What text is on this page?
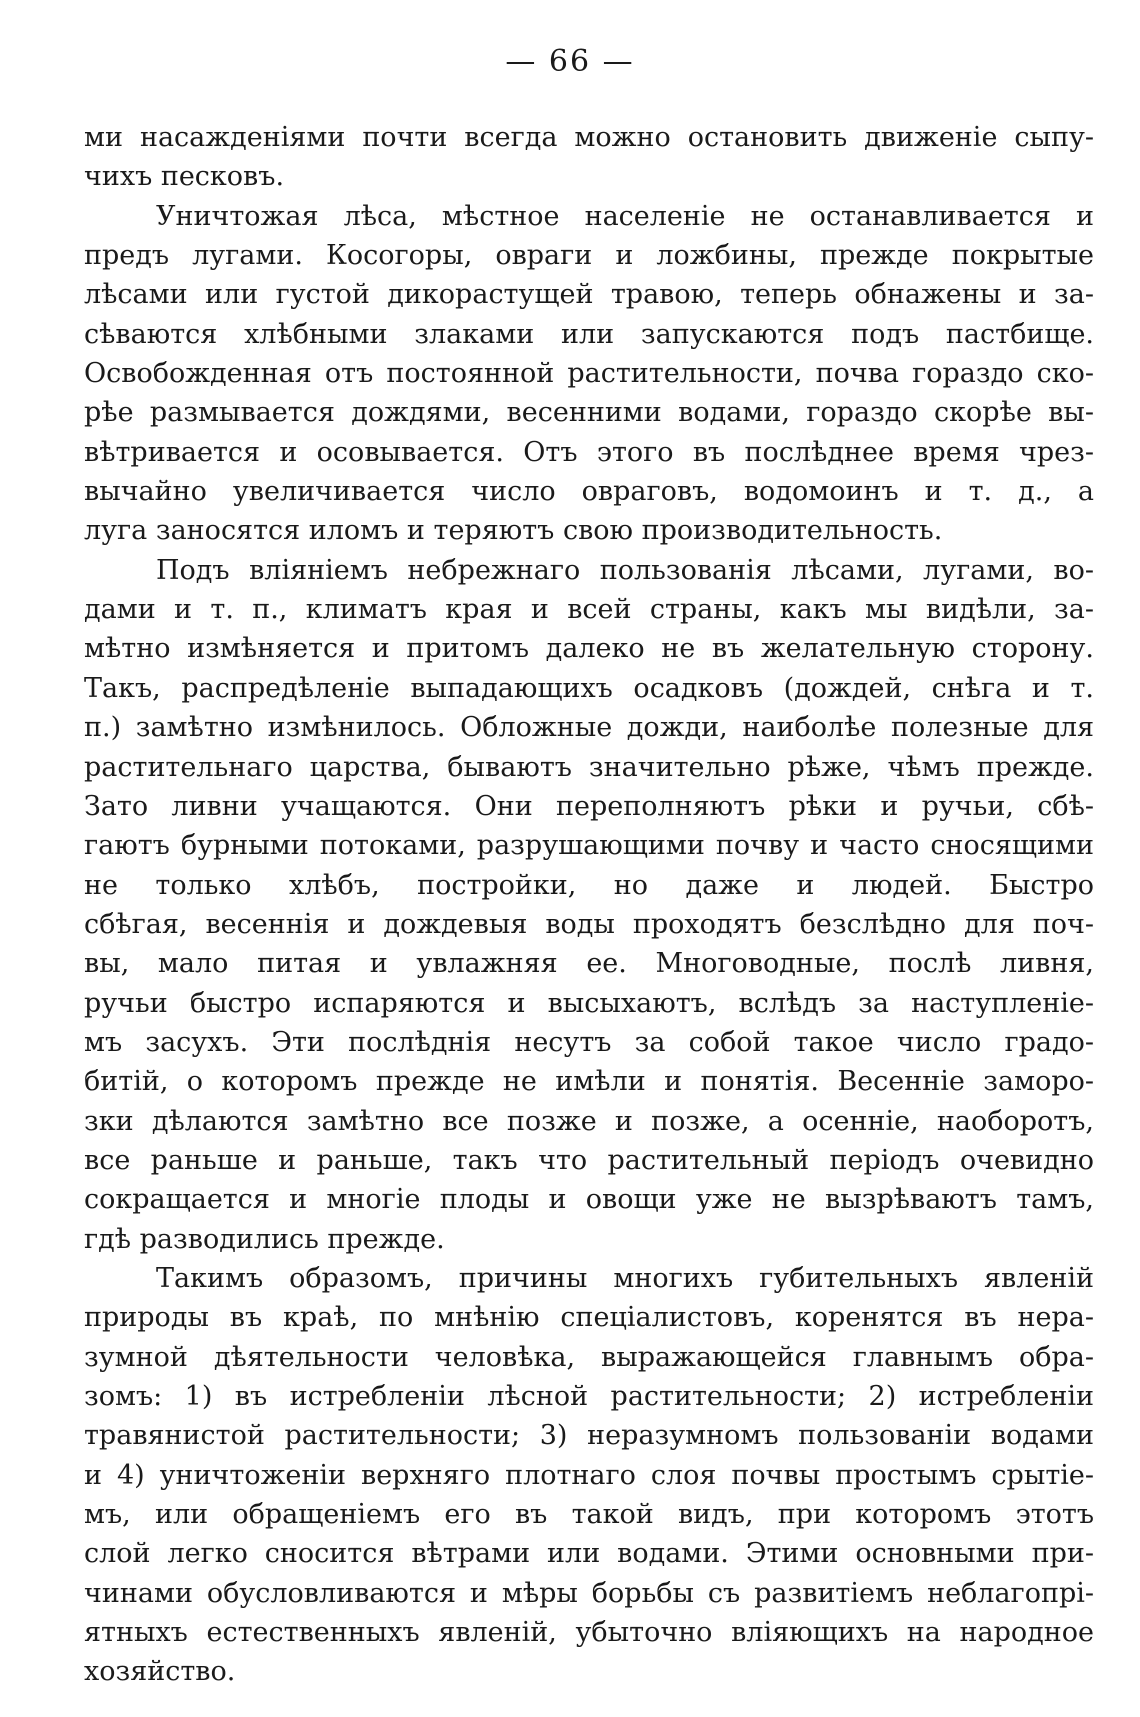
— 66 —
ми насажденіями почти всегда можно остановить движеніе сыпу-
чихъ песковъ.
Уничтожая лѣса, мѣстное населеніе не останавливается и
предъ лугами. Косогоры, овраги и ложбины, прежде покрытые
лѣсами или густой дикорастущей травою, теперь обнажены и за-
сѣваются хлѣбными злаками или запускаются подъ пастбище.
Освобожденная отъ постоянной растительности, почва гораздо ско-
рѣе размывается дождями, весенними водами, гораздо скорѣе вы-
вѣтривается и осовывается. Отъ этого въ послѣднее время чрез-
вычайно увеличивается число овраговъ, водомоинъ и т. д., а
луга заносятся иломъ и теряютъ свою производительность.
Подъ вліяніемъ небрежнаго пользованія лѣсами, лугами, во-
дами и т. п., климатъ края и всей страны, какъ мы видѣли, за-
мѣтно измѣняется и притомъ далеко не въ желательную сторону.
Такъ, распредѣленіе выпадающихъ осадковъ (дождей, снѣга и т.
п.) замѣтно измѣнилось. Обложные дожди, наиболѣе полезные для
растительнаго царства, бываютъ значительно рѣже, чѣмъ прежде.
Зато ливни учащаются. Они переполняютъ рѣки и ручьи, сбѣ-
гаютъ бурными потоками, разрушающими почву и часто сносящими
не только хлѣбъ, постройки, но даже и людей. Быстро
сбѣгая, весеннія и дождевыя воды проходятъ безслѣдно для поч-
вы, мало питая и увлажняя ее. Многоводные, послѣ ливня,
ручьи быстро испаряются и высыхаютъ, вслѣдъ за наступленіе-
мъ засухъ. Эти послѣднія несутъ за собой такое число градо-
битій, о которомъ прежде не имѣли и понятія. Весенніе заморо-
зки дѣлаются замѣтно все позже и позже, а осенніе, наоборотъ,
все раньше и раньше, такъ что растительный періодъ очевидно
сокращается и многіе плоды и овощи уже не вызрѣваютъ тамъ,
гдѣ разводились прежде.
Такимъ образомъ, причины многихъ губительныхъ явленій
природы въ краѣ, по мнѣнію спеціалистовъ, коренятся въ нера-
зумной дѣятельности человѣка, выражающейся главнымъ обра-
зомъ: 1) въ истребленіи лѣсной растительности; 2) истребленіи
травянистой растительности; 3) неразумномъ пользованіи водами
и 4) уничтоженіи верхняго плотнаго слоя почвы простымъ срытіе-
мъ, или обращеніемъ его въ такой видъ, при которомъ этотъ
слой легко сносится вѣтрами или водами. Этими основными при-
чинами обусловливаются и мѣры борьбы съ развитіемъ неблагопрі-
ятныхъ естественныхъ явленій, убыточно вліяющихъ на народное
хозяйство.
